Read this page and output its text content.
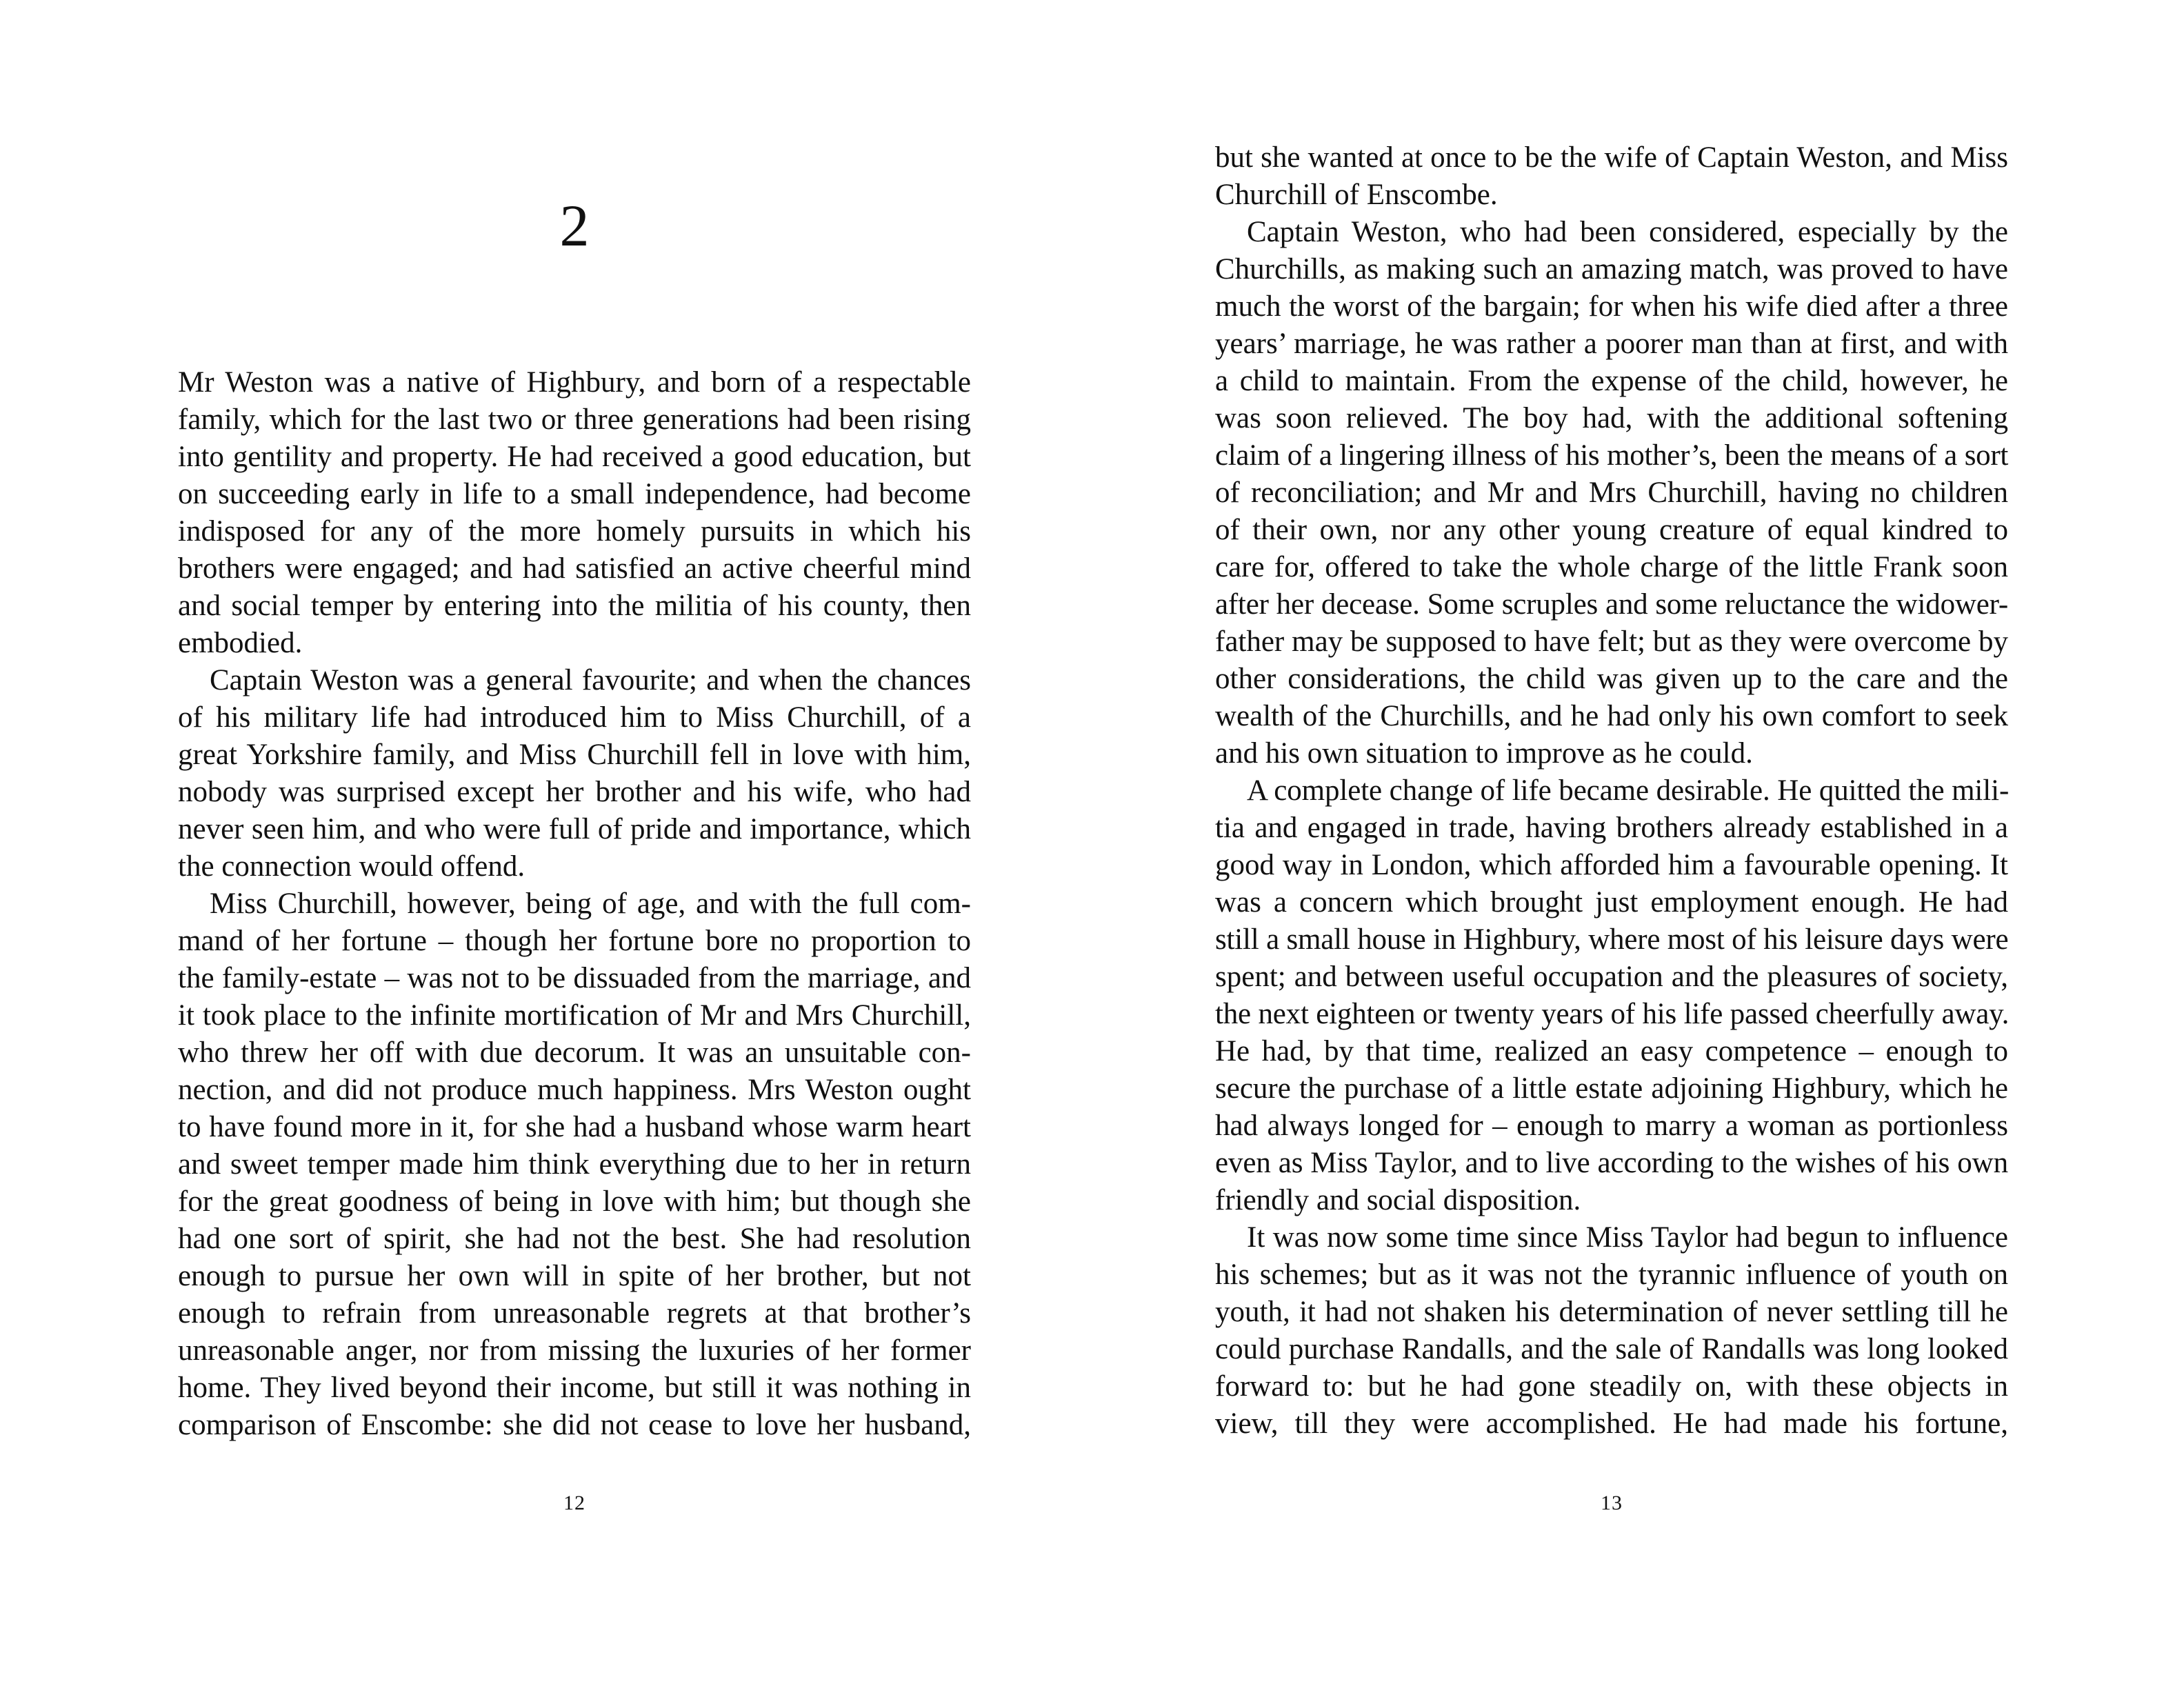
2
Mr Weston was a native of Highbury, and born of a respectable
family, which for the last two or three generations had been rising
into gentility and property. He had received a good education, but
on succeeding early in life to a small independence, had become
indisposed for any of the more homely pursuits in which his
brothers were engaged; and had satisfied an active cheerful mind
and social temper by entering into the militia of his county, then
embodied.
Captain Weston was a general favourite; and when the chances
of his military life had introduced him to Miss Churchill, of a
great Yorkshire family, and Miss Churchill fell in love with him,
nobody was surprised except her brother and his wife, who had
never seen him, and who were full of pride and importance, which
the connection would offend.
Miss Churchill, however, being of age, and with the full com-
mand of her fortune – though her fortune bore no proportion to
the family-estate – was not to be dissuaded from the marriage, and
it took place to the infinite mortification of Mr and Mrs Churchill,
who threw her off with due decorum. It was an unsuitable con-
nection, and did not produce much happiness. Mrs Weston ought
to have found more in it, for she had a husband whose warm heart
and sweet temper made him think everything due to her in return
for the great goodness of being in love with him; but though she
had one sort of spirit, she had not the best. She had resolution
enough to pursue her own will in spite of her brother, but not
enough to refrain from unreasonable regrets at that brother’s
unreasonable anger, nor from missing the luxuries of her former
home. They lived beyond their income, but still it was nothing in
comparison of Enscombe: she did not cease to love her husband,
12
but she wanted at once to be the wife of Captain Weston, and Miss
Churchill of Enscombe.
Captain Weston, who had been considered, especially by the
Churchills, as making such an amazing match, was proved to have
much the worst of the bargain; for when his wife died after a three
years’ marriage, he was rather a poorer man than at first, and with
a child to maintain. From the expense of the child, however, he
was soon relieved. The boy had, with the additional softening
claim of a lingering illness of his mother’s, been the means of a sort
of reconciliation; and Mr and Mrs Churchill, having no children
of their own, nor any other young creature of equal kindred to
care for, offered to take the whole charge of the little Frank soon
after her decease. Some scruples and some reluctance the widower-
father may be supposed to have felt; but as they were overcome by
other considerations, the child was given up to the care and the
wealth of the Churchills, and he had only his own comfort to seek
and his own situation to improve as he could.
A complete change of life became desirable. He quitted the mili-
tia and engaged in trade, having brothers already established in a
good way in London, which afforded him a favourable opening. It
was a concern which brought just employment enough. He had
still a small house in Highbury, where most of his leisure days were
spent; and between useful occupation and the pleasures of society,
the next eighteen or twenty years of his life passed cheerfully away.
He had, by that time, realized an easy competence – enough to
secure the purchase of a little estate adjoining Highbury, which he
had always longed for – enough to marry a woman as portionless
even as Miss Taylor, and to live according to the wishes of his own
friendly and social disposition.
It was now some time since Miss Taylor had begun to influence
his schemes; but as it was not the tyrannic influence of youth on
youth, it had not shaken his determination of never settling till he
could purchase Randalls, and the sale of Randalls was long looked
forward to: but he had gone steadily on, with these objects in
view, till they were accomplished. He had made his fortune,
13
